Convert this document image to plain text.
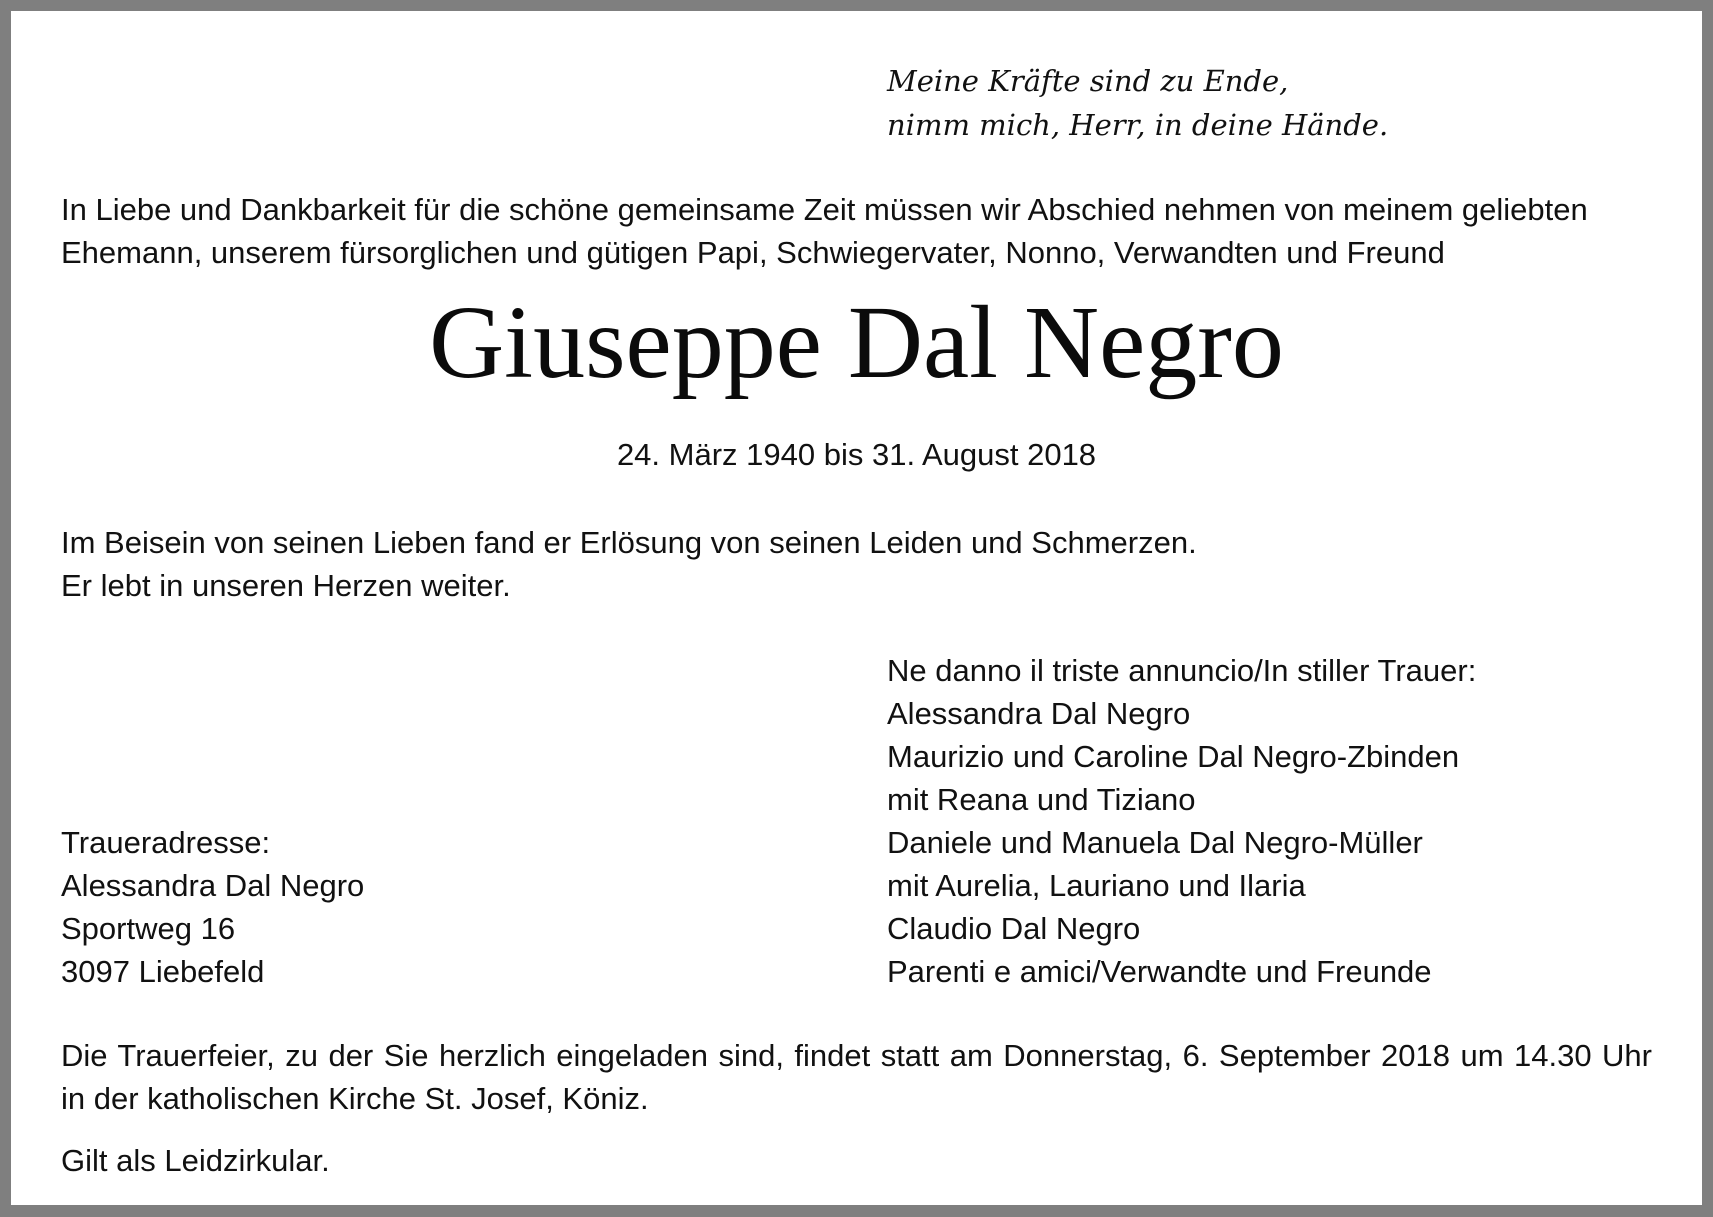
Meine Kräfte sind zu Ende,
nimm mich, Herr, in deine Hände.
In Liebe und Dankbarkeit für die schöne gemeinsame Zeit müssen wir Abschied nehmen von meinem geliebten
Ehemann, unserem fürsorglichen und gütigen Papi, Schwiegervater, Nonno, Verwandten und Freund
Giuseppe Dal Negro
24. März 1940 bis 31. August 2018
Im Beisein von seinen Lieben fand er Erlösung von seinen Leiden und Schmerzen.
Er lebt in unseren Herzen weiter.
Ne danno il triste annuncio/In stiller Trauer:
Alessandra Dal Negro
Maurizio und Caroline Dal Negro-Zbinden
mit Reana und Tiziano
Daniele und Manuela Dal Negro-Müller
mit Aurelia, Lauriano und Ilaria
Claudio Dal Negro
Parenti e amici/Verwandte und Freunde
Traueradresse:
Alessandra Dal Negro
Sportweg 16
3097 Liebefeld

Die Trauerfeier, zu der Sie herzlich eingeladen sind, findet statt am Donnerstag, 6. September 2018 um 14.30 Uhr in der katholischen Kirche St. Josef, Köniz.

Gilt als Leidzirkular.
